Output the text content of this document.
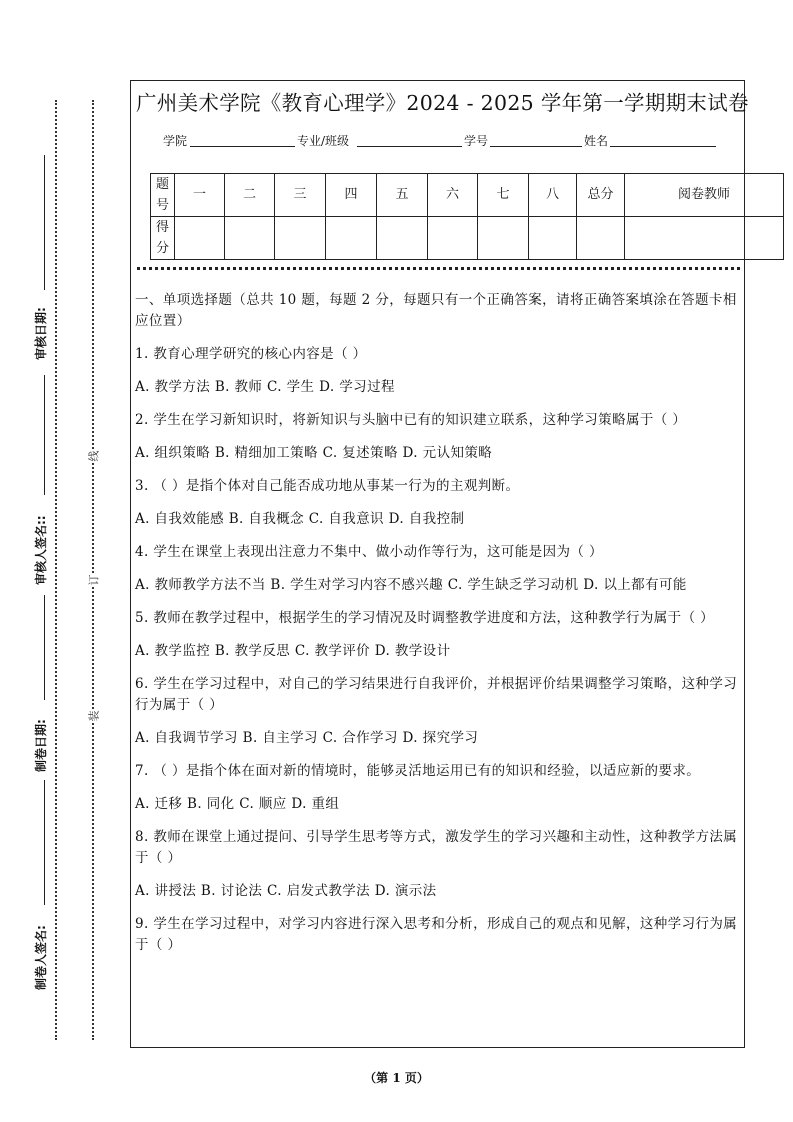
线
订
装
审核日期:
审核人签名::
制卷日期:
制卷人签名:
广州美术学院《教育心理学》2024 - 2025 学年第一学期期末试卷
学院	专业/班级	学号	姓名
题号	一	二	三	四	五	六	七	八	总分	阅卷教师
得分										

一、单项选择题（总共 10 题，每题 2 分，每题只有一个正确答案，请将正确答案填涂在答题卡相应位置）

1. 教育心理学研究的核心内容是（ ）

A. 教学方法 B. 教师 C. 学生 D. 学习过程

2. 学生在学习新知识时，将新知识与头脑中已有的知识建立联系，这种学习策略属于（ ）

A. 组织策略 B. 精细加工策略 C. 复述策略 D. 元认知策略

3. （ ）是指个体对自己能否成功地从事某一行为的主观判断。

A. 自我效能感 B. 自我概念 C. 自我意识 D. 自我控制

4. 学生在课堂上表现出注意力不集中、做小动作等行为，这可能是因为（ ）

A. 教师教学方法不当 B. 学生对学习内容不感兴趣 C. 学生缺乏学习动机 D. 以上都有可能

5. 教师在教学过程中，根据学生的学习情况及时调整教学进度和方法，这种教学行为属于（ ）

A. 教学监控 B. 教学反思 C. 教学评价 D. 教学设计

6. 学生在学习过程中，对自己的学习结果进行自我评价，并根据评价结果调整学习策略，这种学习行为属于（ ）

A. 自我调节学习 B. 自主学习 C. 合作学习 D. 探究学习

7. （ ）是指个体在面对新的情境时，能够灵活地运用已有的知识和经验，以适应新的要求。

A. 迁移 B. 同化 C. 顺应 D. 重组

8. 教师在课堂上通过提问、引导学生思考等方式，激发学生的学习兴趣和主动性，这种教学方法属于（ ）

A. 讲授法 B. 讨论法 C. 启发式教学法 D. 演示法

9. 学生在学习过程中，对学习内容进行深入思考和分析，形成自己的观点和见解，这种学习行为属于（ ）

（第 1 页）
